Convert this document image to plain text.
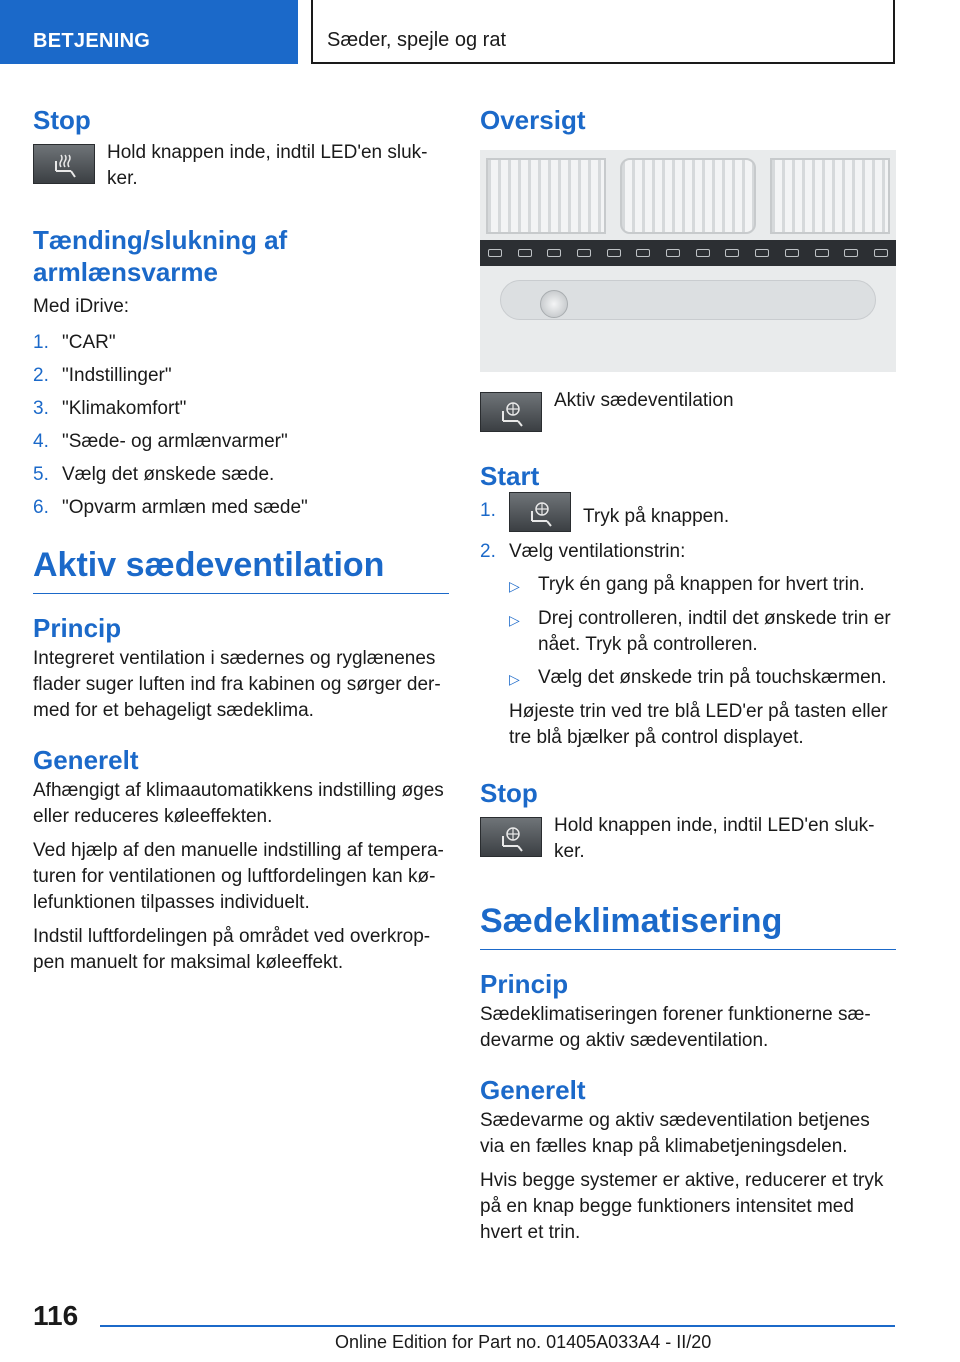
BETJENING	Sæder, spejle og rat
Stop

Hold knappen inde, indtil LED'en sluk-ker.

Tænding/slukning af armlænsvarme

Med iDrive:

1. "CAR"
2. "Indstillinger"
3. "Klimakomfort"
4. "Sæde- og armlænvarmer"
5. Vælg det ønskede sæde.
6. "Opvarm armlæn med sæde"
Aktiv sædeventilation
Princip

Integreret ventilation i sædernes og ryglænenes flader suger luften ind fra kabinen og sørger der-med for et behageligt sædeklima.

Generelt

Afhængigt af klimaautomatikkens indstilling øges eller reduceres køleeffekten.

Ved hjælp af den manuelle indstilling af tempera-turen for ventilationen og luftfordelingen kan kø-lefunktionen tilpasses individuelt.

Indstil luftfordelingen på området ved overkrop-pen manuelt for maksimal køleeffekt.

Oversigt

Aktiv sædeventilation

Start
1.	Tryk på knappen.
2. Vælg ventilationstrin:
▷ Tryk én gang på knappen for hvert trin.
▷ Drej controlleren, indtil det ønskede trin er nået. Tryk på controlleren.
▷ Vælg det ønskede trin på touchskærmen.

Højeste trin ved tre blå LED'er på tasten eller tre blå bjælker på control displayet.

Stop

Hold knappen inde, indtil LED'en sluk-ker.

Sædeklimatisering
Princip

Sædeklimatiseringen forener funktionerne sæ-devarme og aktiv sædeventilation.

Generelt

Sædevarme og aktiv sædeventilation betjenes via en fælles knap på klimabetjeningsdelen.

Hvis begge systemer er aktive, reducerer et tryk på en knap begge funktioners intensitet med hvert et trin.

116
Online Edition for Part no. 01405A033A4 - II/20
